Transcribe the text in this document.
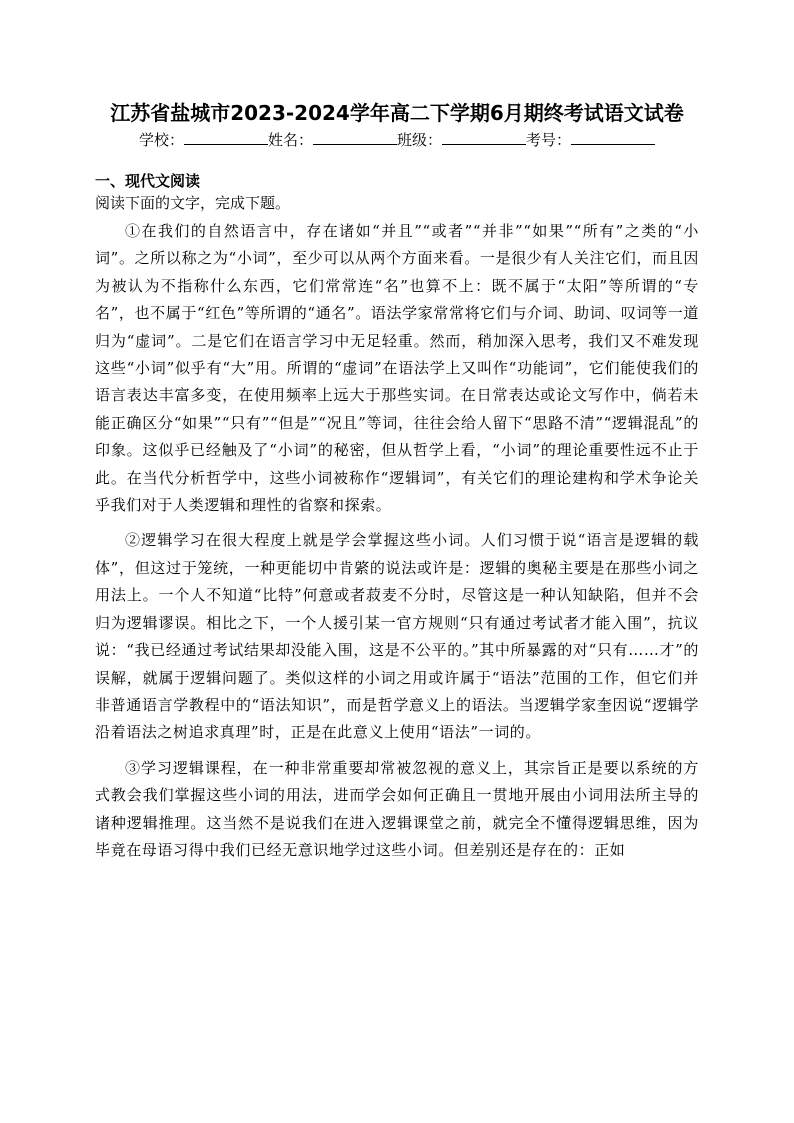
江苏省盐城市2023-2024学年高二下学期6月期终考试语文试卷

学校：	姓名：	班级：	考号：

一、现代文阅读

阅读下面的文字，完成下题。

①在我们的自然语言中，存在诸如“并且”“或者”“并非”“如果”“所有”之类的“小词”。之所以称之为“小词”，至少可以从两个方面来看。一是很少有人关注它们，而且因为被认为不指称什么东西，它们常常连“名”也算不上：既不属于“太阳”等所谓的“专名”，也不属于“红色”等所谓的“通名”。语法学家常常将它们与介词、助词、叹词等一道归为“虚词”。二是它们在语言学习中无足轻重。然而，稍加深入思考，我们又不难发现这些“小词”似乎有“大”用。所谓的“虚词”在语法学上又叫作“功能词”，它们能使我们的语言表达丰富多变，在使用频率上远大于那些实词。在日常表达或论文写作中，倘若未能正确区分“如果”“只有”“但是”“况且”等词，往往会给人留下“思路不清”“逻辑混乱”的印象。这似乎已经触及了“小词”的秘密，但从哲学上看，“小词”的理论重要性远不止于此。在当代分析哲学中，这些小词被称作“逻辑词”，有关它们的理论建构和学术争论关乎我们对于人类逻辑和理性的省察和探索。

②逻辑学习在很大程度上就是学会掌握这些小词。人们习惯于说“语言是逻辑的载体”，但这过于笼统，一种更能切中肯綮的说法或许是：逻辑的奥秘主要是在那些小词之用法上。一个人不知道“比特”何意或者菽麦不分时，尽管这是一种认知缺陷，但并不会归为逻辑谬误。相比之下，一个人援引某一官方规则“只有通过考试者才能入围”，抗议说：“我已经通过考试结果却没能入围，这是不公平的。”其中所暴露的对“只有……才”的误解，就属于逻辑问题了。类似这样的小词之用或许属于“语法”范围的工作，但它们并非普通语言学教程中的“语法知识”，而是哲学意义上的语法。当逻辑学家奎因说“逻辑学沿着语法之树追求真理”时，正是在此意义上使用“语法”一词的。

③学习逻辑课程，在一种非常重要却常被忽视的意义上，其宗旨正是要以系统的方式教会我们掌握这些小词的用法，进而学会如何正确且一贯地开展由小词用法所主导的诸种逻辑推理。这当然不是说我们在进入逻辑课堂之前，就完全不懂得逻辑思维，因为毕竟在母语习得中我们已经无意识地学过这些小词。但差别还是存在的：正如
